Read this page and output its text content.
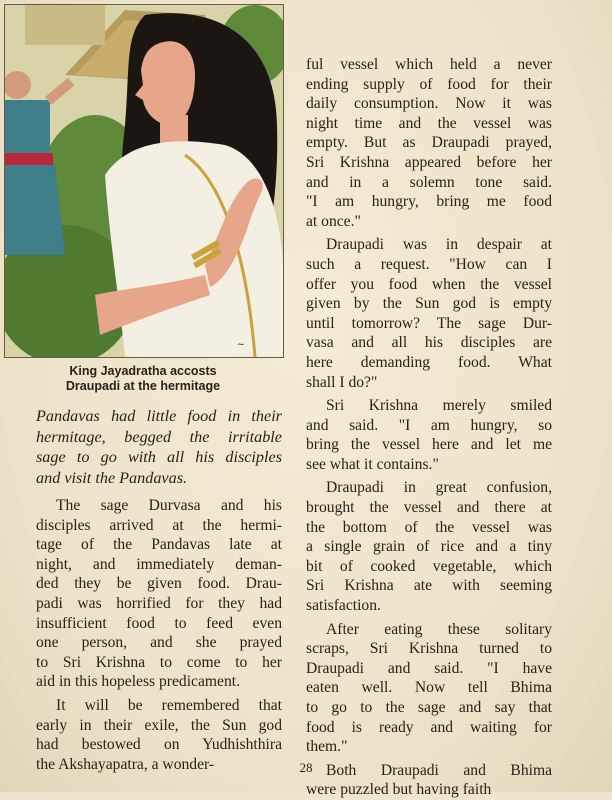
~
King Jayadratha accosts
Draupadi at the hermitage
Pandavas had little food in their
hermitage, begged the irritable
sage to go with all his disciples
and visit the Pandavas.
The sage Durvasa and his
disciples arrived at the hermi-
tage of the Pandavas late at
night, and immediately deman-
ded they be given food. Drau-
padi was horrified for they had
insufficient food to feed even
one person, and she prayed
to Sri Krishna to come to her
aid in this hopeless predicament.
It will be remembered that
early in their exile, the Sun god
had bestowed on Yudhishthira
the Akshayapatra, a wonder-
ful vessel which held a never
ending supply of food for their
daily consumption. Now it was
night time and the vessel was
empty. But as Draupadi prayed,
Sri Krishna appeared before her
and in a solemn tone said.
"I am hungry, bring me food
at once."
Draupadi was in despair at
such a request. "How can I
offer you food when the vessel
given by the Sun god is empty
until tomorrow? The sage Dur-
vasa and all his disciples are
here demanding food. What
shall I do?"
Sri Krishna merely smiled
and said. "I am hungry, so
bring the vessel here and let me
see what it contains."
Draupadi in great confusion,
brought the vessel and there at
the bottom of the vessel was
a single grain of rice and a tiny
bit of cooked vegetable, which
Sri Krishna ate with seeming
satisfaction.
After eating these solitary
scraps, Sri Krishna turned to
Draupadi and said. "I have
eaten well. Now tell Bhima
to go to the sage and say that
food is ready and waiting for
them."
Both Draupadi and Bhima
were puzzled but having faith
28
